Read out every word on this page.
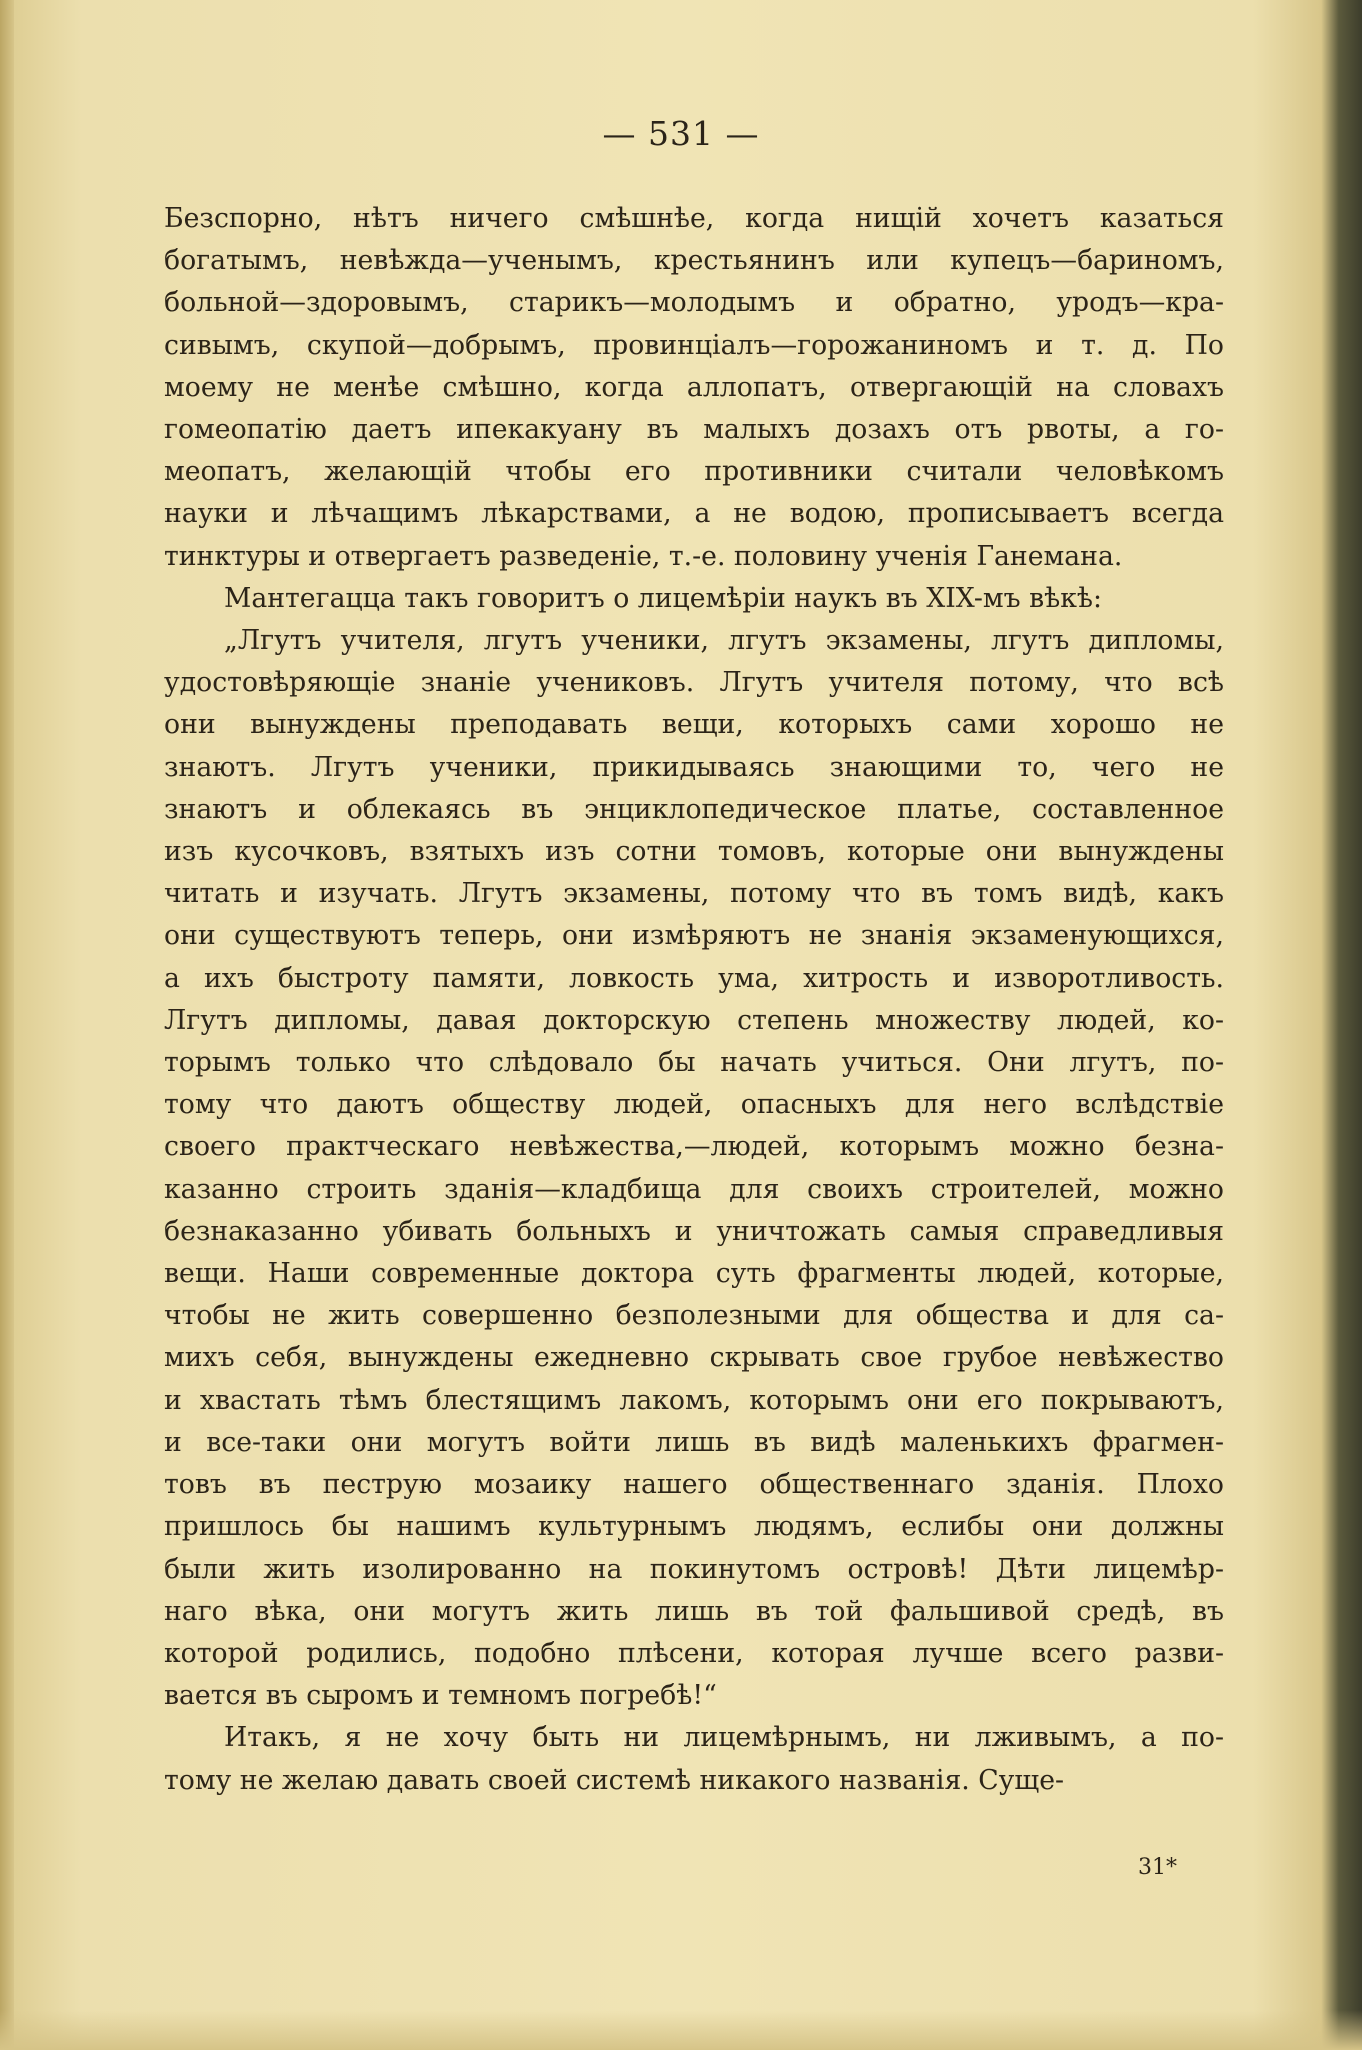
— 531 —
Безспорно, нѣтъ ничего смѣшнѣе, когда нищій хочетъ казаться
богатымъ, невѣжда—ученымъ, крестьянинъ или купецъ—бариномъ,
больной—здоровымъ, старикъ—молодымъ и обратно, уродъ—кра-
сивымъ, скупой—добрымъ, провинціалъ—горожаниномъ и т. д. По
моему не менѣе смѣшно, когда аллопатъ, отвергающій на словахъ
гомеопатію даетъ ипекакуану въ малыхъ дозахъ отъ рвоты, а го-
меопатъ, желающій чтобы его противники считали человѣкомъ
науки и лѣчащимъ лѣкарствами, а не водою, прописываетъ всегда
тинктуры и отвергаетъ разведеніе, т.-е. половину ученія Ганемана.
Мантегацца такъ говоритъ о лицемѣріи наукъ въ XIX-мъ вѣкѣ:
„Лгутъ учителя, лгутъ ученики, лгутъ экзамены, лгутъ дипломы,
удостовѣряющіе знаніе учениковъ. Лгутъ учителя потому, что всѣ
они вынуждены преподавать вещи, которыхъ сами хорошо не
знаютъ. Лгутъ ученики, прикидываясь знающими то, чего не
знаютъ и облекаясь въ энциклопедическое платье, составленное
изъ кусочковъ, взятыхъ изъ сотни томовъ, которые они вынуждены
читать и изучать. Лгутъ экзамены, потому что въ томъ видѣ, какъ
они существуютъ теперь, они измѣряютъ не знанія экзаменующихся,
а ихъ быстроту памяти, ловкость ума, хитрость и изворотливость.
Лгутъ дипломы, давая докторскую степень множеству людей, ко-
торымъ только что слѣдовало бы начать учиться. Они лгутъ, по-
тому что даютъ обществу людей, опасныхъ для него вслѣдствіе
своего практческаго невѣжества,—людей, которымъ можно безна-
казанно строить зданія—кладбища для своихъ строителей, можно
безнаказанно убивать больныхъ и уничтожать самыя справедливыя
вещи. Наши современные доктора суть фрагменты людей, которые,
чтобы не жить совершенно безполезными для общества и для са-
михъ себя, вынуждены ежедневно скрывать свое грубое невѣжество
и хвастать тѣмъ блестящимъ лакомъ, которымъ они его покрываютъ,
и все-таки они могутъ войти лишь въ видѣ маленькихъ фрагмен-
товъ въ пеструю мозаику нашего общественнаго зданія. Плохо
пришлось бы нашимъ культурнымъ людямъ, еслибы они должны
были жить изолированно на покинутомъ островѣ! Дѣти лицемѣр-
наго вѣка, они могутъ жить лишь въ той фальшивой средѣ, въ
которой родились, подобно плѣсени, которая лучше всего разви-
вается въ сыромъ и темномъ погребѣ!“
Итакъ, я не хочу быть ни лицемѣрнымъ, ни лживымъ, а по-
тому не желаю давать своей системѣ никакого названія. Суще-
31*
